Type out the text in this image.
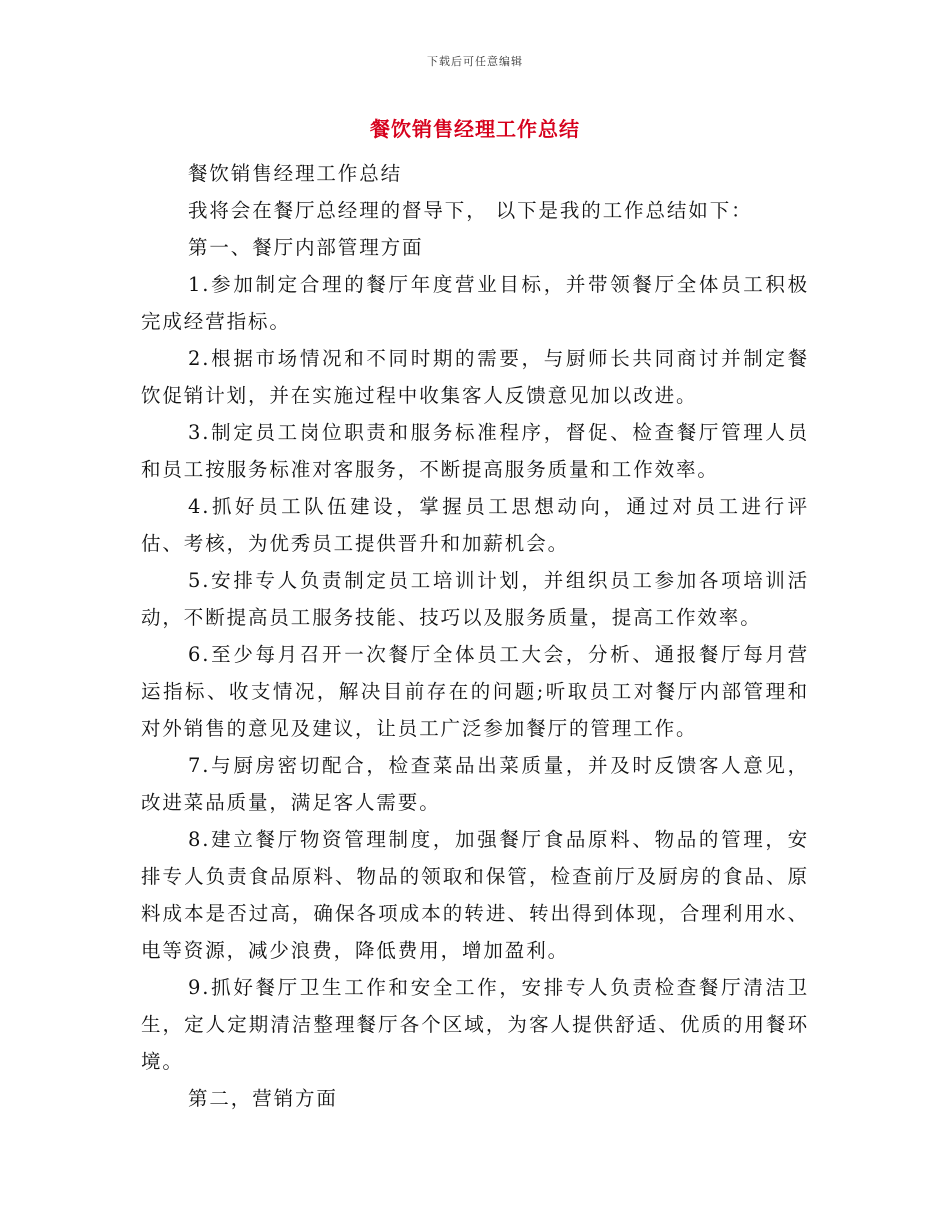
下载后可任意编辑
餐饮销售经理工作总结

餐饮销售经理工作总结

我将会在餐厅总经理的督导下， 以下是我的工作总结如下：

第一、餐厅内部管理方面

1.参加制定合理的餐厅年度营业目标，并带领餐厅全体员工积极完成经营指标。

2.根据市场情况和不同时期的需要，与厨师长共同商讨并制定餐饮促销计划，并在实施过程中收集客人反馈意见加以改进。

3.制定员工岗位职责和服务标准程序，督促、检查餐厅管理人员和员工按服务标准对客服务，不断提高服务质量和工作效率。

4.抓好员工队伍建设，掌握员工思想动向，通过对员工进行评估、考核，为优秀员工提供晋升和加薪机会。

5.安排专人负责制定员工培训计划，并组织员工参加各项培训活动，不断提高员工服务技能、技巧以及服务质量，提高工作效率。

6.至少每月召开一次餐厅全体员工大会，分析、通报餐厅每月营运指标、收支情况，解决目前存在的问题;听取员工对餐厅内部管理和对外销售的意见及建议，让员工广泛参加餐厅的管理工作。

7.与厨房密切配合，检查菜品出菜质量，并及时反馈客人意见，改进菜品质量，满足客人需要。

8.建立餐厅物资管理制度，加强餐厅食品原料、物品的管理，安排专人负责食品原料、物品的领取和保管，检查前厅及厨房的食品、原料成本是否过高，确保各项成本的转进、转出得到体现，合理利用水、电等资源，减少浪费，降低费用，增加盈利。

9.抓好餐厅卫生工作和安全工作，安排专人负责检查餐厅清洁卫生，定人定期清洁整理餐厅各个区域，为客人提供舒适、优质的用餐环境。

第二，营销方面
